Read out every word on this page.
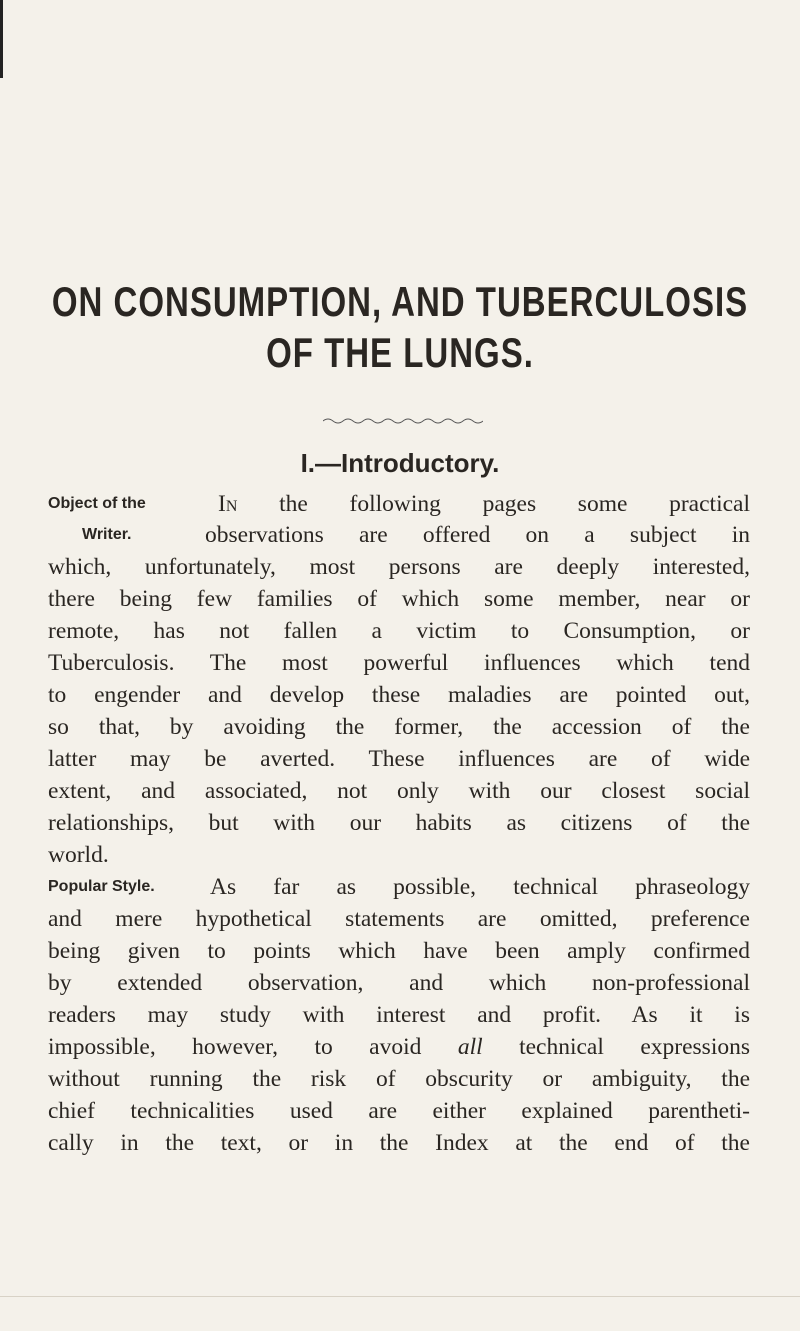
ON CONSUMPTION, AND TUBERCULOSIS
OF THE LUNGS.
I.—Introductory.
Object of the
Writer.
In the following pages some practical
observations are offered on a subject in
which, unfortunately, most persons are deeply interested,
there being few families of which some member, near or
remote, has not fallen a victim to Consumption, or
Tuberculosis. The most powerful influences which tend
to engender and develop these maladies are pointed out,
so that, by avoiding the former, the accession of the
latter may be averted. These influences are of wide
extent, and associated, not only with our closest social
relationships, but with our habits as citizens of the
world.
Popular Style. As far as possible, technical phraseology
and mere hypothetical statements are omitted, preference
being given to points which have been amply confirmed
by extended observation, and which non-professional
readers may study with interest and profit. As it is
impossible, however, to avoid all technical expressions
without running the risk of obscurity or ambiguity, the
chief technicalities used are either explained parentheti-
cally in the text, or in the Index at the end of the
